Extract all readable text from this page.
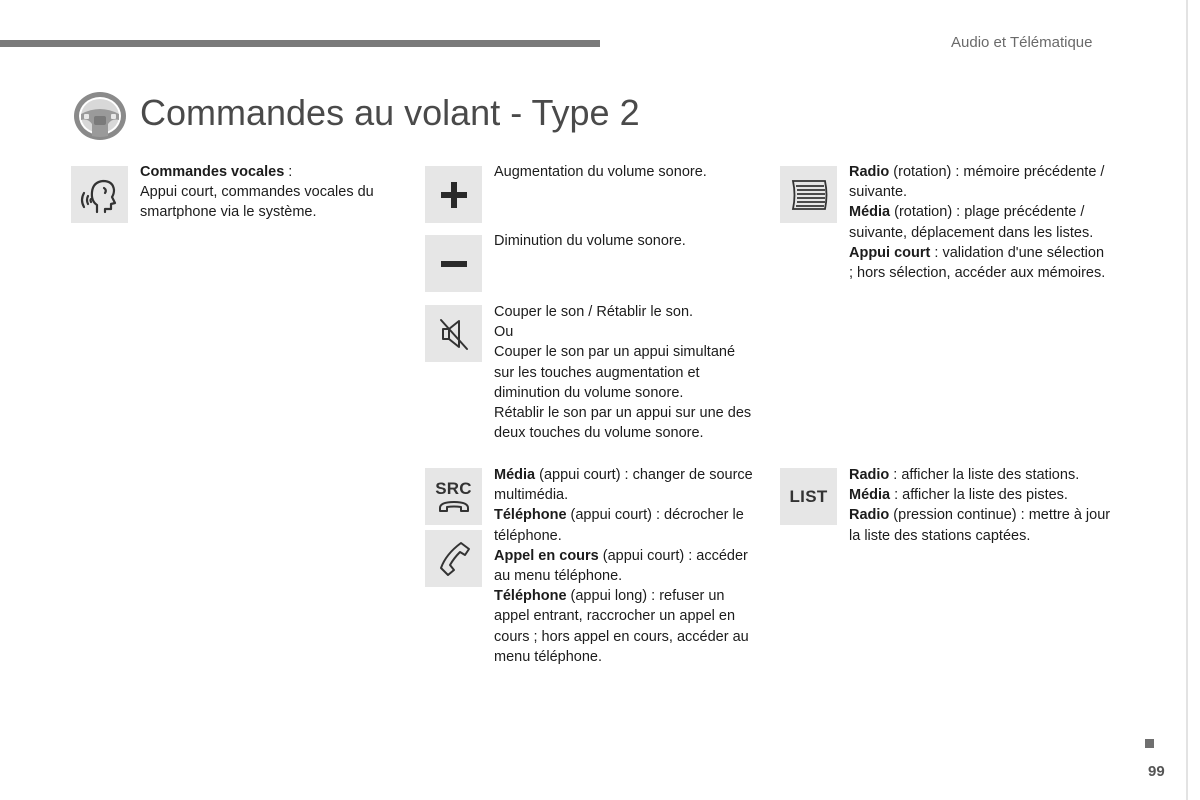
Audio et Télématique
Commandes au volant - Type 2

Commandes vocales :

Appui court, commandes vocales du smartphone via le système.

Augmentation du volume sonore.
Diminution du volume sonore.

Couper le son / Rétablir le son.

Ou

Couper le son par un appui simultané sur les touches augmentation et diminution du volume sonore.

Rétablir le son par un appui sur une des deux touches du volume sonore.

SRC

Média (appui court) : changer de source multimédia.

Téléphone (appui court) : décrocher le téléphone.

Appel en cours (appui court) : accéder au menu téléphone.

Téléphone (appui long) : refuser un appel entrant, raccrocher un appel en cours ; hors appel en cours, accéder au menu téléphone.

Radio (rotation) : mémoire précédente / suivante.

Média (rotation) : plage précédente / suivante, déplacement dans les listes.

Appui court : validation d'une sélection ; hors sélection, accéder aux mémoires.

LIST

Radio : afficher la liste des stations.

Média : afficher la liste des pistes.

Radio (pression continue) : mettre à jour la liste des stations captées.

99
